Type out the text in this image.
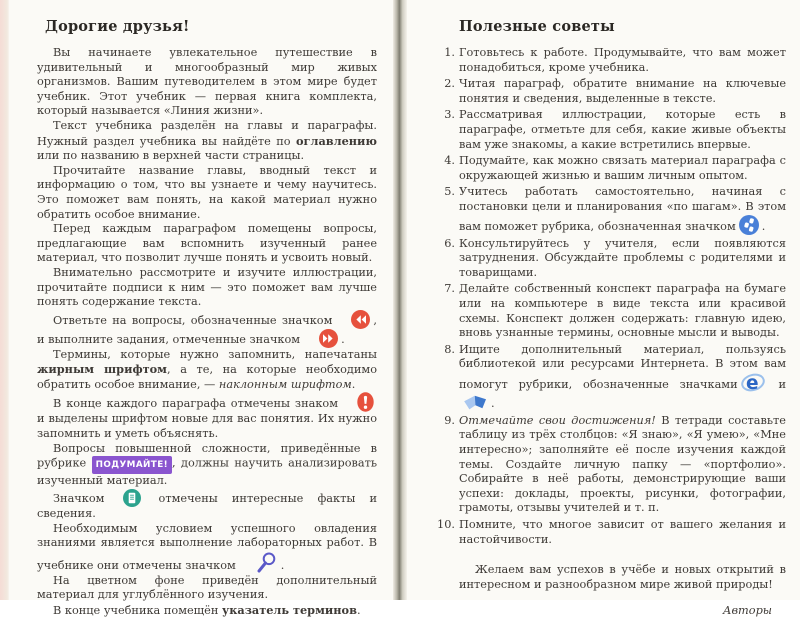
Дорогие друзья!

Вы начинаете увлекательное путешествие в удивительный и многообразный мир живых организмов. Вашим путеводителем в этом мире будет учебник. Этот учебник — первая книга комплекта, который называется «Линия жизни».

Текст учебника разделён на главы и параграфы. Нужный раздел учебника вы найдёте по оглавлению или по названию в верхней части страницы.

Прочитайте название главы, вводный текст и информацию о том, что вы узнаете и чему научитесь. Это поможет вам понять, на какой материал нужно обратить особое внимание.

Перед каждым параграфом помещены вопросы, предлагающие вам вспомнить изученный ранее материал, что позволит лучше понять и усвоить новый.

Внимательно рассмотрите и изучите иллюстрации, прочитайте подписи к ним — это поможет вам лучше понять содержание текста.

Ответьте на вопросы, обозначенные значком	, и выполните задания, отмеченные значком	.

Термины, которые нужно запомнить, напечатаны жирным шрифтом, а те, на которые необходимо обратить особое внимание, — наклонным шрифтом.

В конце каждого параграфа отмечены знаком и выделены шрифтом новые для вас понятия. Их нужно запомнить и уметь объяснять.

Вопросы повышенной сложности, приведённые в рубрике ПОДУМАЙТЕ! , должны научить анализировать изученный материал.

Значком	отмечены интересные факты и сведения.

Необходимым условием успешного овладения знаниями является выполнение лабораторных работ. В учебнике они отмечены значком	.

На цветном фоне приведён дополнительный материал для углублённого изучения.

В конце учебника помещён указатель терминов.

Полезные советы
1. Готовьтесь к работе. Продумывайте, что вам может понадобиться, кроме учебника.
2. Читая параграф, обратите внимание на ключевые понятия и сведения, выделенные в тексте.
3. Рассматривая иллюстрации, которые есть в параграфе, отметьте для себя, какие живые объекты вам уже знакомы, а какие встретились впервые.
4. Подумайте, как можно связать материал параграфа с окружающей жизнью и вашим личным опытом.
5. Учитесь работать самостоятельно, начиная с постановки цели и планирования «по шагам». В этом вам поможет рубрика, обозначенная значком .
6. Консультируйтесь у учителя, если появляются затруднения. Обсуждайте проблемы с родителями и товарищами.
7. Делайте собственный конспект параграфа на бумаге или на компьютере в виде текста или красивой схемы. Конспект должен содержать: главную идею, вновь узнанные термины, основные мысли и выводы.
8. Ищите дополнительный материал, пользуясь библиотекой или ресурсами Интернета. В этом вам помогут рубрики, обозначенные значками e и.
9. Отмечайте свои достижения! В тетради составьте таблицу из трёх столбцов: «Я знаю», «Я умею», «Мне интересно»; заполняйте её после изучения каждой темы. Создайте личную папку — «портфолио». Собирайте в неё работы, демонстрирующие ваши успехи: доклады, проекты, рисунки, фотографии, грамоты, отзывы учителей и т. п.
10. Помните, что многое зависит от вашего желания и настойчивости.

Желаем вам успехов в учёбе и новых открытий в интересном и разнообразном мире живой природы!

Авторы
